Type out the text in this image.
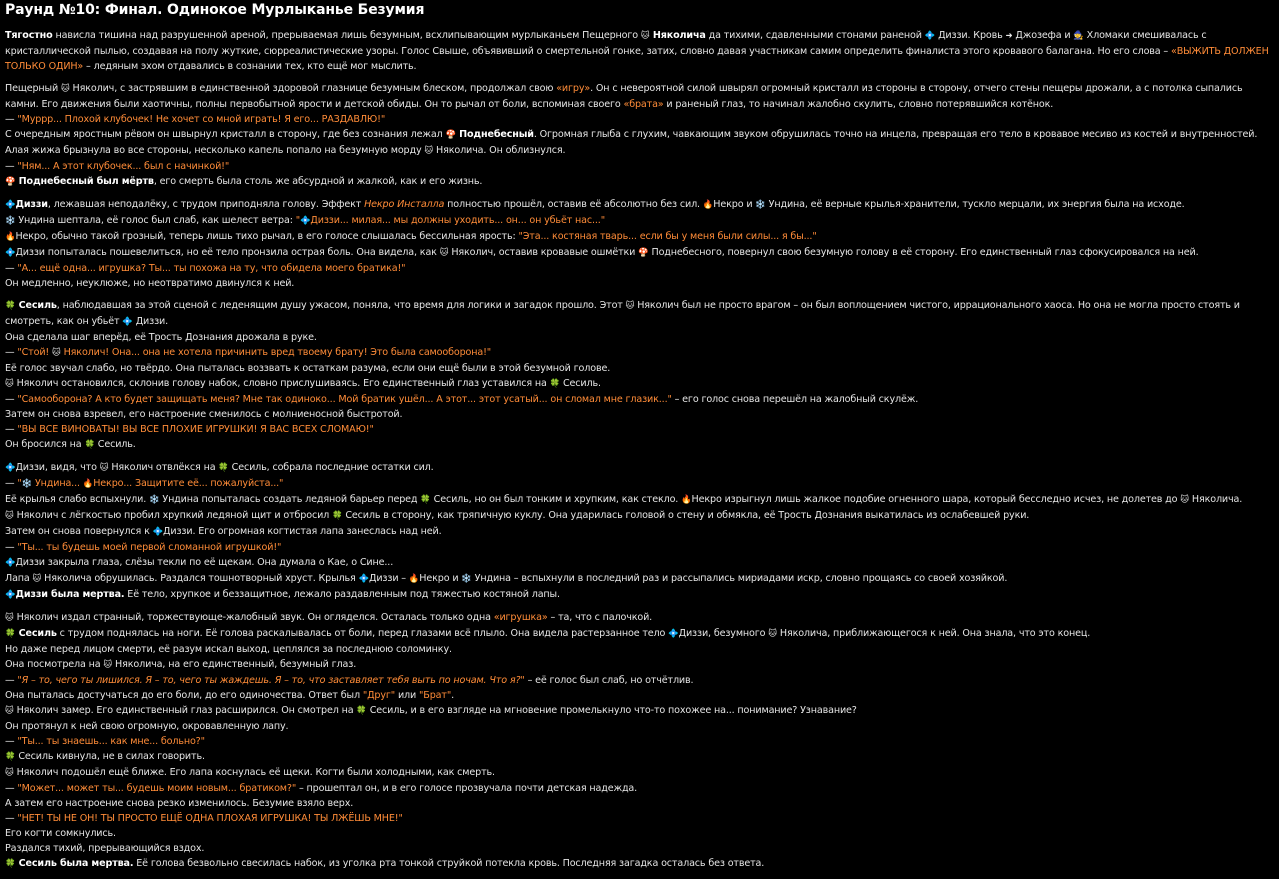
Раунд №10: Финал. Одинокое Мурлыканье Безумия
Тягостно нависла тишина над разрушенной ареной, прерываемая лишь безумным, всхлипывающим мурлыканьем Пещерного 🐱 Няколича да тихими, сдавленными стонами раненой 💠 Диззи. Кровь ➜ Джозефа и 🧙 Хломаки смешивалась с кристаллической пылью, создавая на полу жуткие, сюрреалистические узоры. Голос Свыше, объявивший о смертельной гонке, затих, словно давая участникам самим определить финалиста этого кровавого балагана. Но его слова – «ВЫЖИТЬ ДОЛЖЕН ТОЛЬКО ОДИН» – ледяным эхом отдавались в сознании тех, кто ещё мог мыслить.
Пещерный 🐱 Няколич, с застрявшим в единственной здоровой глазнице безумным блеском, продолжал свою «игру». Он с невероятной силой швырял огромный кристалл из стороны в сторону, отчего стены пещеры дрожали, а с потолка сыпались камни. Его движения были хаотичны, полны первобытной ярости и детской обиды. Он то рычал от боли, вспоминая своего «брата» и раненый глаз, то начинал жалобно скулить, словно потерявшийся котёнок.
— "Муррр... Плохой клубочек! Не хочет со мной играть! Я его... РАЗДАВЛЮ!"
С очередным яростным рёвом он швырнул кристалл в сторону, где без сознания лежал 🍄 Поднебесный. Огромная глыба с глухим, чавкающим звуком обрушилась точно на инцела, превращая его тело в кровавое месиво из костей и внутренностей. Алая жижа брызнула во все стороны, несколько капель попало на безумную морду 🐱 Няколича. Он облизнулся.
— "Ням... А этот клубочек... был с начинкой!"
🍄 Поднебесный был мёртв, его смерть была столь же абсурдной и жалкой, как и его жизнь.
💠Диззи, лежавшая неподалёку, с трудом приподняла голову. Эффект Некро Инсталла полностью прошёл, оставив её абсолютно без сил. 🔥Некро и ❄️ Ундина, её верные крылья-хранители, тускло мерцали, их энергия была на исходе.
❄️ Ундина шептала, её голос был слаб, как шелест ветра: "💠Диззи... милая... мы должны уходить... он... он убьёт нас..."
🔥Некро, обычно такой грозный, теперь лишь тихо рычал, в его голосе слышалась бессильная ярость: "Эта... костяная тварь... если бы у меня были силы... я бы..."
💠Диззи попыталась пошевелиться, но её тело пронзила острая боль. Она видела, как 🐱 Няколич, оставив кровавые ошмётки 🍄 Поднебесного, повернул свою безумную голову в её сторону. Его единственный глаз сфокусировался на ней.
— "А... ещё одна... игрушка? Ты... ты похожа на ту, что обидела моего братика!"
Он медленно, неуклюже, но неотвратимо двинулся к ней.
🍀 Сесиль, наблюдавшая за этой сценой с леденящим душу ужасом, поняла, что время для логики и загадок прошло. Этот 🐱 Няколич был не просто врагом – он был воплощением чистого, иррационального хаоса. Но она не могла просто стоять и смотреть, как он убьёт 💠 Диззи.
Она сделала шаг вперёд, её Трость Дознания дрожала в руке.
— "Стой! 🐱 Няколич! Она... она не хотела причинить вред твоему брату! Это была самооборона!"
Её голос звучал слабо, но твёрдо. Она пыталась воззвать к остаткам разума, если они ещё были в этой безумной голове.
🐱 Няколич остановился, склонив голову набок, словно прислушиваясь. Его единственный глаз уставился на 🍀 Сесиль.
— "Самооборона? А кто будет защищать меня? Мне так одиноко... Мой братик ушёл... А этот... этот усатый... он сломал мне глазик..." – его голос снова перешёл на жалобный скулёж.
Затем он снова взревел, его настроение сменилось с молниеносной быстротой.
— "ВЫ ВСЕ ВИНОВАТЫ! ВЫ ВСЕ ПЛОХИЕ ИГРУШКИ! Я ВАС ВСЕХ СЛОМАЮ!"
Он бросился на 🍀 Сесиль.
💠Диззи, видя, что 🐱 Няколич отвлёкся на 🍀 Сесиль, собрала последние остатки сил.
— "❄️ Ундина... 🔥Некро... Защитите её... пожалуйста..."
Её крылья слабо вспыхнули. ❄️ Ундина попыталась создать ледяной барьер перед 🍀 Сесиль, но он был тонким и хрупким, как стекло. 🔥Некро изрыгнул лишь жалкое подобие огненного шара, который бесследно исчез, не долетев до 🐱 Няколича.
🐱 Няколич с лёгкостью пробил хрупкий ледяной щит и отбросил 🍀 Сесиль в сторону, как тряпичную куклу. Она ударилась головой о стену и обмякла, её Трость Дознания выкатилась из ослабевшей руки.
Затем он снова повернулся к 💠Диззи. Его огромная когтистая лапа занеслась над ней.
— "Ты... ты будешь моей первой сломанной игрушкой!"
💠Диззи закрыла глаза, слёзы текли по её щекам. Она думала о Кае, о Сине...
Лапа 🐱 Няколича обрушилась. Раздался тошнотворный хруст. Крылья 💠Диззи – 🔥Некро и ❄️ Ундина – вспыхнули в последний раз и рассыпались мириадами искр, словно прощаясь со своей хозяйкой.
💠Диззи была мертва. Её тело, хрупкое и беззащитное, лежало раздавленным под тяжестью костяной лапы.
🐱 Няколич издал странный, торжествующе-жалобный звук. Он огляделся. Осталась только одна «игрушка» – та, что с палочкой.
🍀 Сесиль с трудом поднялась на ноги. Её голова раскалывалась от боли, перед глазами всё плыло. Она видела растерзанное тело 💠Диззи, безумного 🐱 Няколича, приближающегося к ней. Она знала, что это конец.
Но даже перед лицом смерти, её разум искал выход, цеплялся за последнюю соломинку.
Она посмотрела на 🐱 Няколича, на его единственный, безумный глаз.
— "Я – то, чего ты лишился. Я – то, чего ты жаждешь. Я – то, что заставляет тебя выть по ночам. Что я?" – её голос был слаб, но отчётлив.
Она пыталась достучаться до его боли, до его одиночества. Ответ был "Друг" или "Брат".
🐱 Няколич замер. Его единственный глаз расширился. Он смотрел на 🍀 Сесиль, и в его взгляде на мгновение промелькнуло что-то похожее на... понимание? Узнавание?
Он протянул к ней свою огромную, окровавленную лапу.
— "Ты... ты знаешь... как мне... больно?"
🍀 Сесиль кивнула, не в силах говорить.
🐱 Няколич подошёл ещё ближе. Его лапа коснулась её щеки. Когти были холодными, как смерть.
— "Может... может ты... будешь моим новым... братиком?" – прошептал он, и в его голосе прозвучала почти детская надежда.
А затем его настроение снова резко изменилось. Безумие взяло верх.
— "НЕТ! ТЫ НЕ ОН! ТЫ ПРОСТО ЕЩЁ ОДНА ПЛОХАЯ ИГРУШКА! ТЫ ЛЖЁШЬ МНЕ!"
Его когти сомкнулись.
Раздался тихий, прерывающийся вздох.
🍀 Сесиль была мертва. Её голова безвольно свесилась набок, из уголка рта тонкой струйкой потекла кровь. Последняя загадка осталась без ответа.
